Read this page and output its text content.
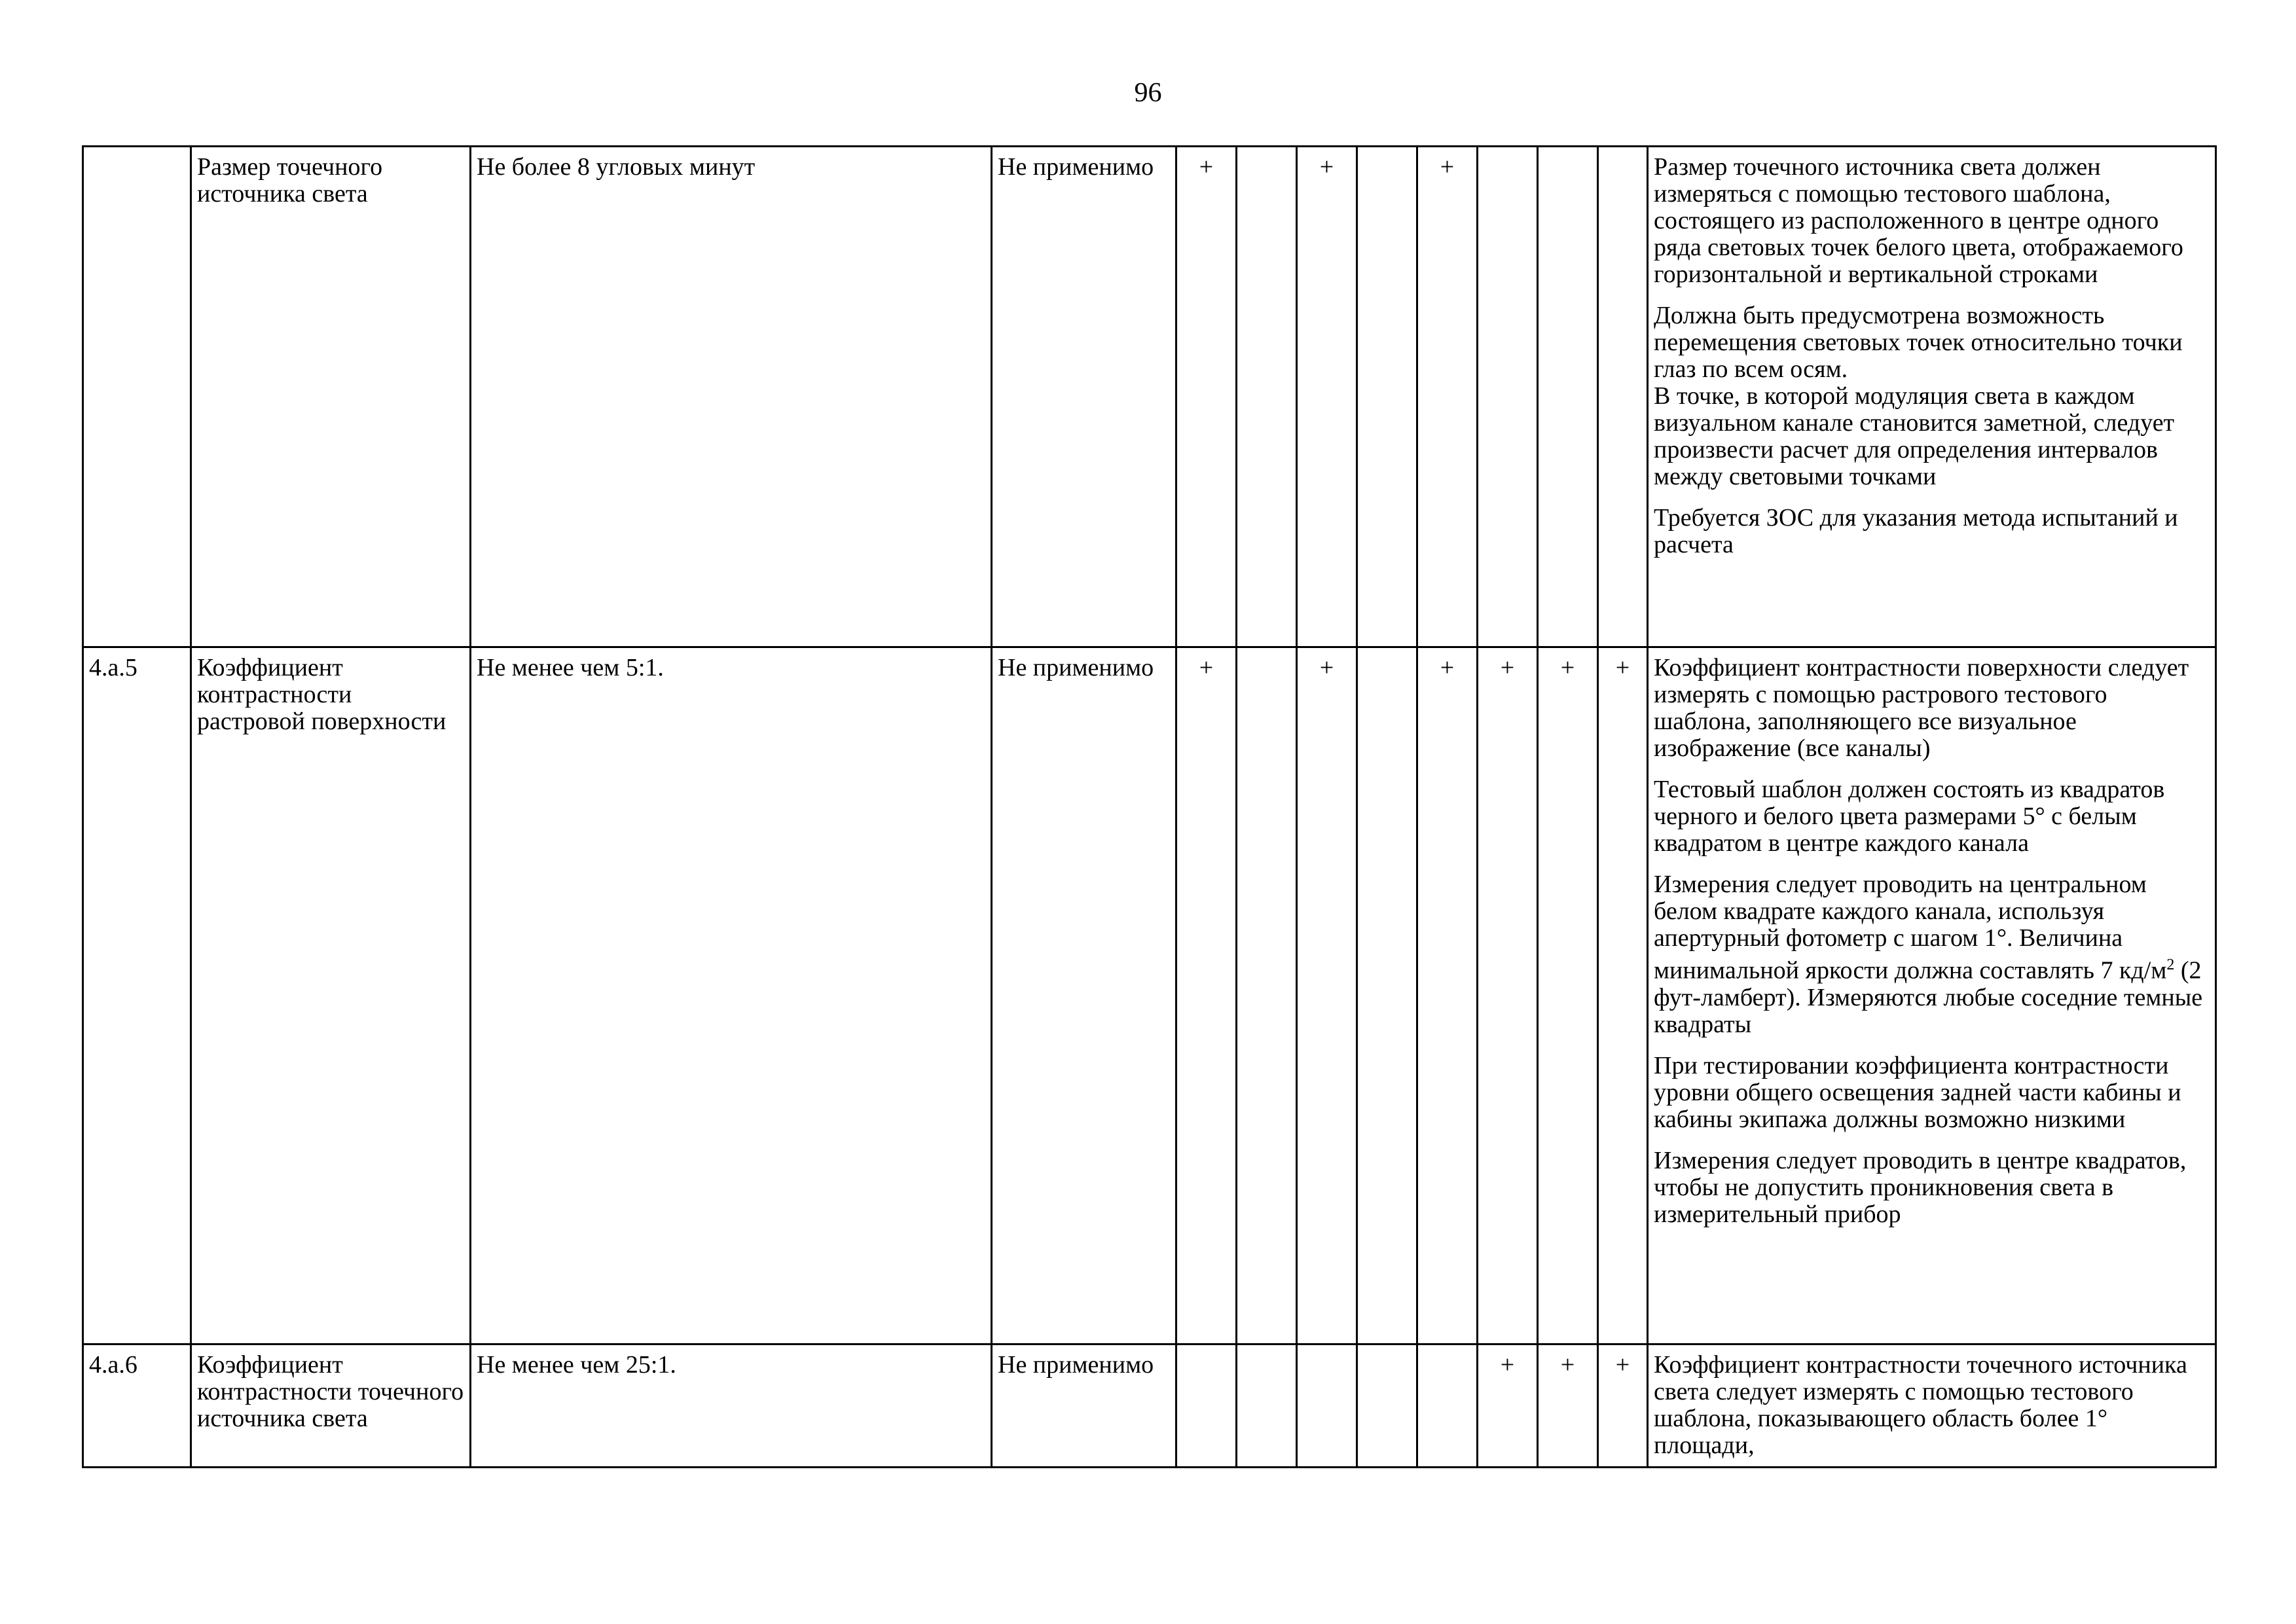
96
	Размер точечного источника света	Не более 8 угловых минут	Не применимо	+		+		+				Размер точечного источника света должен измеряться с помощью тестового шаблона, состоящего из расположенного в центре одного ряда световых точек белого цвета, отображаемого горизонтальной и вертикальной строками

Должна быть предусмотрена возможность перемещения световых точек относительно точки глаз по всем осям.

В точке, в которой модуляция света в каждом визуальном канале становится заметной, следует произвести расчет для определения интервалов между световыми точками

Требуется ЗОС для указания метода испытаний и расчета

4.a.5	Коэффициент контрастности растровой поверхности	Не менее чем 5:1.	Не применимо	+		+		+	+	+	+	Коэффициент контрастности поверхности следует измерять с помощью растрового тестового шаблона, заполняющего все визуальное изображение (все каналы)

Тестовый шаблон должен состоять из квадратов черного и белого цвета размерами 5° с белым квадратом в центре каждого канала

Измерения следует проводить на центральном белом квадрате каждого канала, используя апертурный фотометр с шагом 1°. Величина минимальной яркости должна составлять 7 $кд/м^2$ (2 фут-ламберт). Измеряются любые соседние темные квадраты

При тестировании коэффициента контрастности уровни общего освещения задней части кабины и кабины экипажа должны возможно низкими

Измерения следует проводить в центре квадратов, чтобы не допустить проникновения света в измерительный прибор

4.a.6	Коэффициент контрастности точечного источника света	Не менее чем 25:1.	Не применимо						+	+	+	Коэффициент контрастности точечного источника света следует измерять с помощью тестового шаблона, показывающего область более 1° площади,
